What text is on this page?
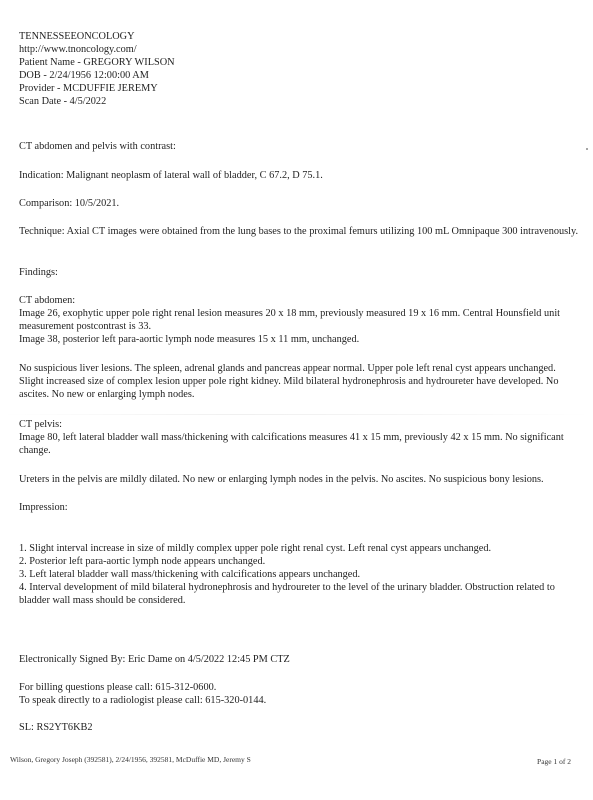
TENNESSEEONCOLOGY

http://www.tnoncology.com/

Patient Name - GREGORY WILSON

DOB - 2/24/1956 12:00:00 AM

Provider - MCDUFFIE JEREMY

Scan Date - 4/5/2022

CT abdomen and pelvis with contrast:
Indication: Malignant neoplasm of lateral wall of bladder, C 67.2, D 75.1.
Comparison: 10/5/2021.
Technique: Axial CT images were obtained from the lung bases to the proximal femurs utilizing 100 mL Omnipaque 300 intravenously.
Findings:

CT abdomen:

Image 26, exophytic upper pole right renal lesion measures 20 x 18 mm, previously measured 19 x 16 mm. Central Hounsfield unit measurement postcontrast is 33.

Image 38, posterior left para-aortic lymph node measures 15 x 11 mm, unchanged.

No suspicious liver lesions. The spleen, adrenal glands and pancreas appear normal. Upper pole left renal cyst appears unchanged. Slight increased size of complex lesion upper pole right kidney. Mild bilateral hydronephrosis and hydroureter have developed. No ascites. No new or enlarging lymph nodes.

CT pelvis:

Image 80, left lateral bladder wall mass/thickening with calcifications measures 41 x 15 mm, previously 42 x 15 mm. No significant change.

Ureters in the pelvis are mildly dilated. No new or enlarging lymph nodes in the pelvis. No ascites. No suspicious bony lesions.
Impression:

1. Slight interval increase in size of mildly complex upper pole right renal cyst. Left renal cyst appears unchanged.

2. Posterior left para-aortic lymph node appears unchanged.

3. Left lateral bladder wall mass/thickening with calcifications appears unchanged.

4. Interval development of mild bilateral hydronephrosis and hydroureter to the level of the urinary bladder. Obstruction related to bladder wall mass should be considered.

Electronically Signed By: Eric Dame on 4/5/2022 12:45 PM CTZ

For billing questions please call: 615-312-0600.

To speak directly to a radiologist please call: 615-320-0144.

SL: RS2YT6KB2
Wilson, Gregory Joseph (392581), 2/24/1956, 392581, McDuffie MD, Jeremy S	Page 1 of 2
